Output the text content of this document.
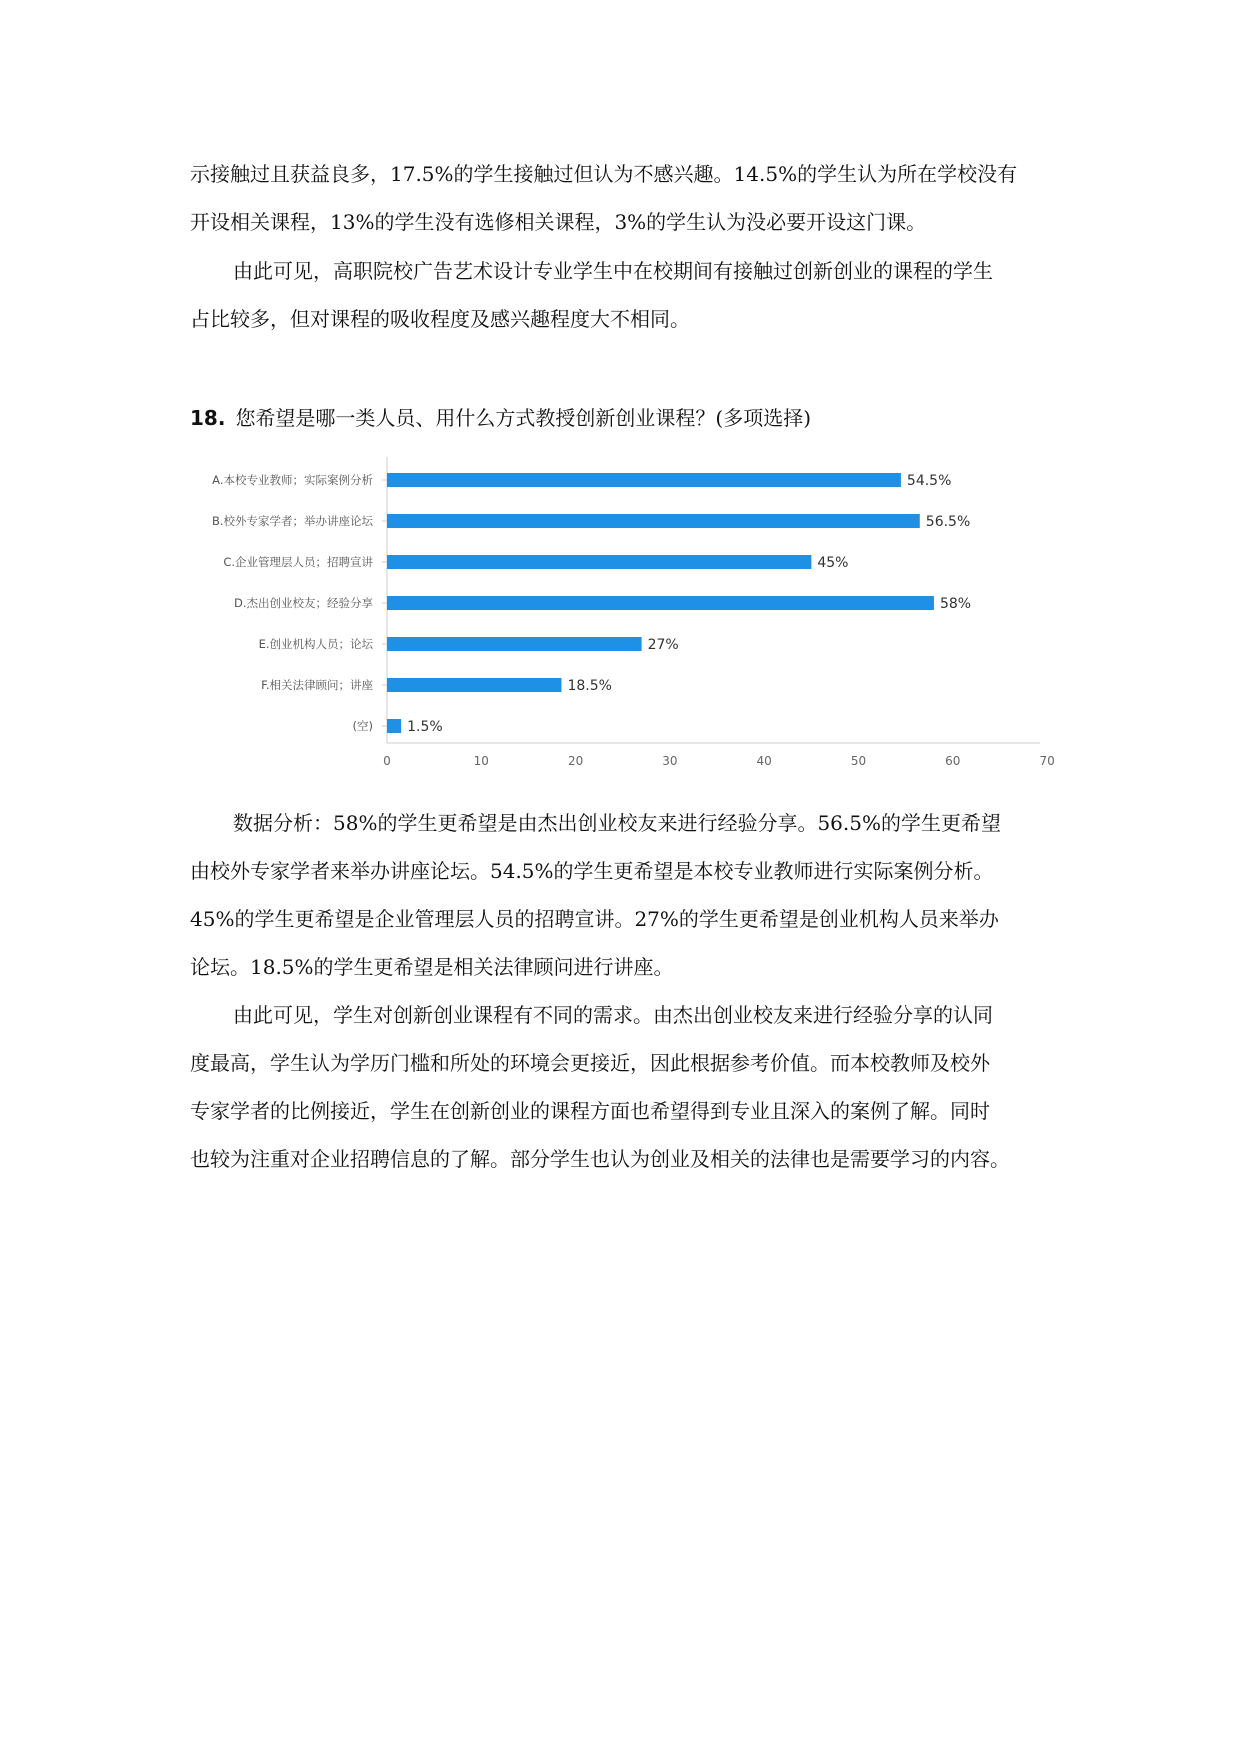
示接触过且获益良多，17.5%的学生接触过但认为不感兴趣。14.5%的学生认为所在学校没有
开设相关课程，13%的学生没有选修相关课程，3%的学生认为没必要开设这门课。
由此可见，高职院校广告艺术设计专业学生中在校期间有接触过创新创业的课程的学生
占比较多，但对课程的吸收程度及感兴趣程度大不相同。
18. 您希望是哪一类人员、用什么方式教授创新创业课程？(多项选择)
0	10	20	30	40	50	60	70
A.本校专业教师；实际案例分析	54.5%
B.校外专家学者；举办讲座论坛	56.5%
C.企业管理层人员；招聘宣讲	45%
D.杰出创业校友；经验分享	58%
E.创业机构人员；论坛	27%
F.相关法律顾问；讲座	18.5%
(空) 1.5%
数据分析：58%的学生更希望是由杰出创业校友来进行经验分享。56.5%的学生更希望
由校外专家学者来举办讲座论坛。54.5%的学生更希望是本校专业教师进行实际案例分析。
45%的学生更希望是企业管理层人员的招聘宣讲。27%的学生更希望是创业机构人员来举办
论坛。18.5%的学生更希望是相关法律顾问进行讲座。
由此可见，学生对创新创业课程有不同的需求。由杰出创业校友来进行经验分享的认同
度最高，学生认为学历门槛和所处的环境会更接近，因此根据参考价值。而本校教师及校外
专家学者的比例接近，学生在创新创业的课程方面也希望得到专业且深入的案例了解。同时
也较为注重对企业招聘信息的了解。部分学生也认为创业及相关的法律也是需要学习的内容。
